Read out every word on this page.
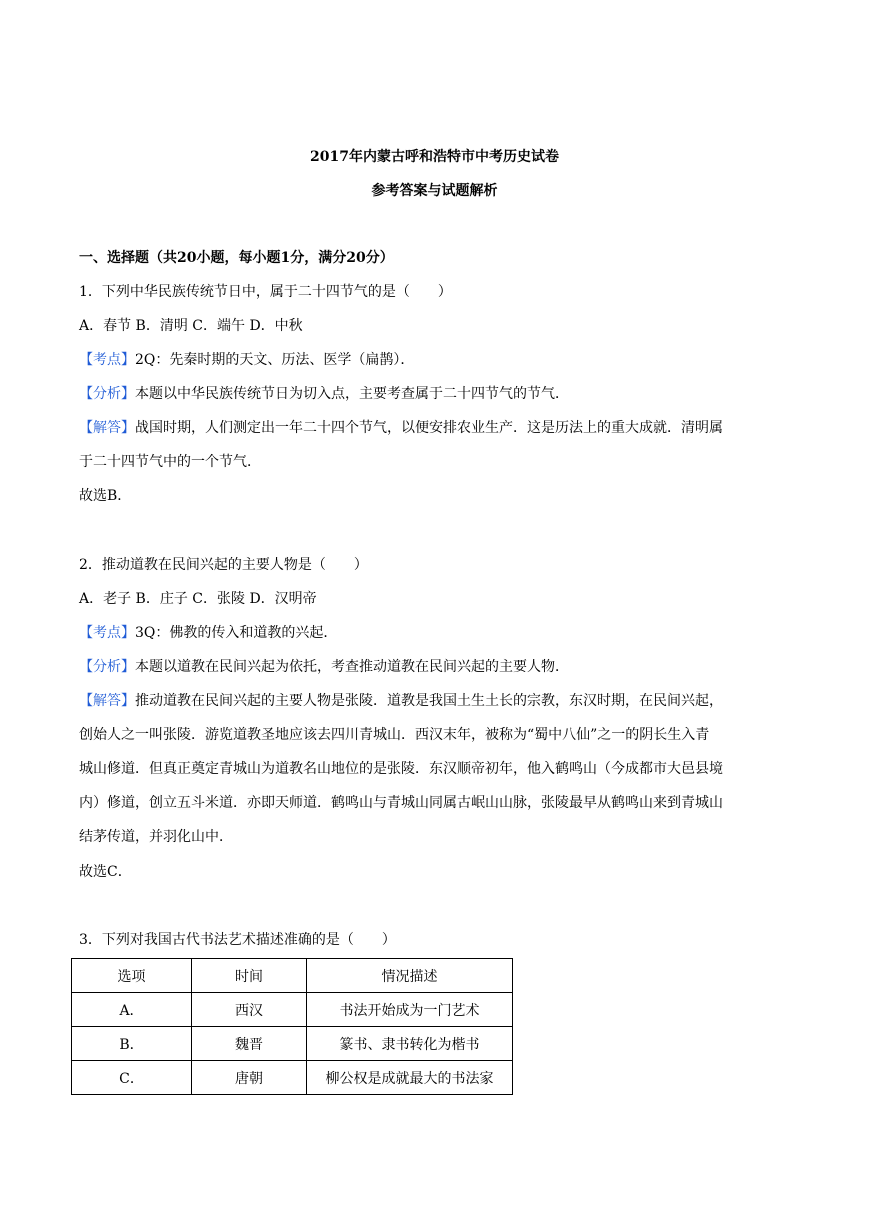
2017年内蒙古呼和浩特市中考历史试卷
参考答案与试题解析
一、选择题（共20小题，每小题1分，满分20分）
1．下列中华民族传统节日中，属于二十四节气的是（　　）
A．春节 B．清明 C．端午 D．中秋
【考点】2Q：先秦时期的天文、历法、医学（扁鹊）．
【分析】本题以中华民族传统节日为切入点，主要考查属于二十四节气的节气．
【解答】战国时期，人们测定出一年二十四个节气，以便安排农业生产．这是历法上的重大成就．清明属
于二十四节气中的一个节气．
故选B．
2．推动道教在民间兴起的主要人物是（　　）
A．老子 B．庄子 C．张陵 D．汉明帝
【考点】3Q：佛教的传入和道教的兴起．
【分析】本题以道教在民间兴起为依托，考查推动道教在民间兴起的主要人物．
【解答】推动道教在民间兴起的主要人物是张陵．道教是我国土生土长的宗教，东汉时期，在民间兴起，
创始人之一叫张陵．游览道教圣地应该去四川青城山．西汉末年，被称为“蜀中八仙”之一的阴长生入青
城山修道．但真正奠定青城山为道教名山地位的是张陵．东汉顺帝初年，他入鹤鸣山（今成都市大邑县境
内）修道，创立五斗米道．亦即天师道．鹤鸣山与青城山同属古岷山山脉，张陵最早从鹤鸣山来到青城山
结茅传道，并羽化山中．
故选C．
3．下列对我国古代书法艺术描述准确的是（　　）
选项	时间	情况描述
A．	西汉	书法开始成为一门艺术
B．	魏晋	篆书、隶书转化为楷书
C．	唐朝	柳公权是成就最大的书法家
